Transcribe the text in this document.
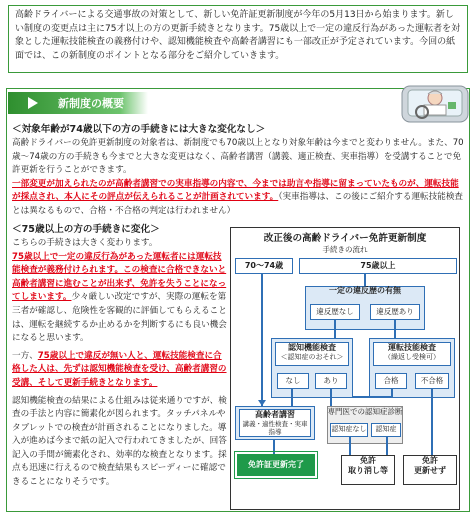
高齢ドライバーによる交通事故の対策として、新しい免許証更新制度が今年の5月13日から始まります。新しい制度の変更点は主に75才以上の方の更新手続きとなります。75歳以上で一定の違反行為があった運転者を対象とした運転技能検査の義務付けや、認知機能検査や高齢者講習にも一部改正が予定されています。今回の紙面では、この新制度のポイントとなる部分をご紹介していきます。
新制度の概要
＜対象年齢が74歳以下の方の手続きには大きな変化なし＞
高齢ドライバーの免許更新制度の対象者は、新制度でも70歳以上となり対象年齢は今までと変わりません。また、70歳～74歳の方の手続きも今までと大きな変更はなく、高齢者講習（講義、適正検査、実車指導）を受講することで免許更新を行うことができます。
一部変更が加えられたのが高齢者講習での実車指導の内容で、今までは助言や指導に留まっていたものが、運転技能が採点され、本人にその評点が伝えられることが計画されています。（実車指導は、この後にご紹介する運転技能検査とは異なるもので、合格・不合格の判定は行われません）
＜75歳以上の方の手続きに変化＞
こちらの手続きは大きく変わります。
75歳以上で一定の違反行為があった運転者には運転技能検査が義務付けられます。この検査に合格できないと高齢者講習に進むことが出来ず、免許を失うことになってしまいます。少々厳しい改定ですが、実際の運転を第三者が確認し、危険性を客観的に評価してもらえることは、運転を継続するか止めるかを判断するにも良い機会になると思います。
一方、75歳以上で違反が無い人と、運転技能検査に合格した人は、先ずは認知機能検査を受け、高齢者講習の受講、そして更新手続きとなります。
認知機能検査の結果による仕組みは従来通りですが、検査の手法と内容に簡素化が図られます。タッチパネルやタブレットでの検査が計画されることになりました。導入が進めば今まで紙の記入で行われてきましたが、回答記入の手間が簡素化され、効率的な検査となります。採点も迅速に行えるので検査結果もスピーディーに確認できることになりそうです。
改正後の高齢ドライバー免許更新制度
手続きの流れ
70～74歳	75歳以上
一定の違反歴の有無
違反歴なし	違反歴あり
認知機能検査
＜認知症のおそれ＞
なし	あり
運転技能検査
（繰返し受検可）
合格	不合格
高齢者講習
講義・適性検査・実車指導
専門医での認知症診断
認知症なし	認知症
免許証更新完了	免許
取り消し等
免許
更新せず
